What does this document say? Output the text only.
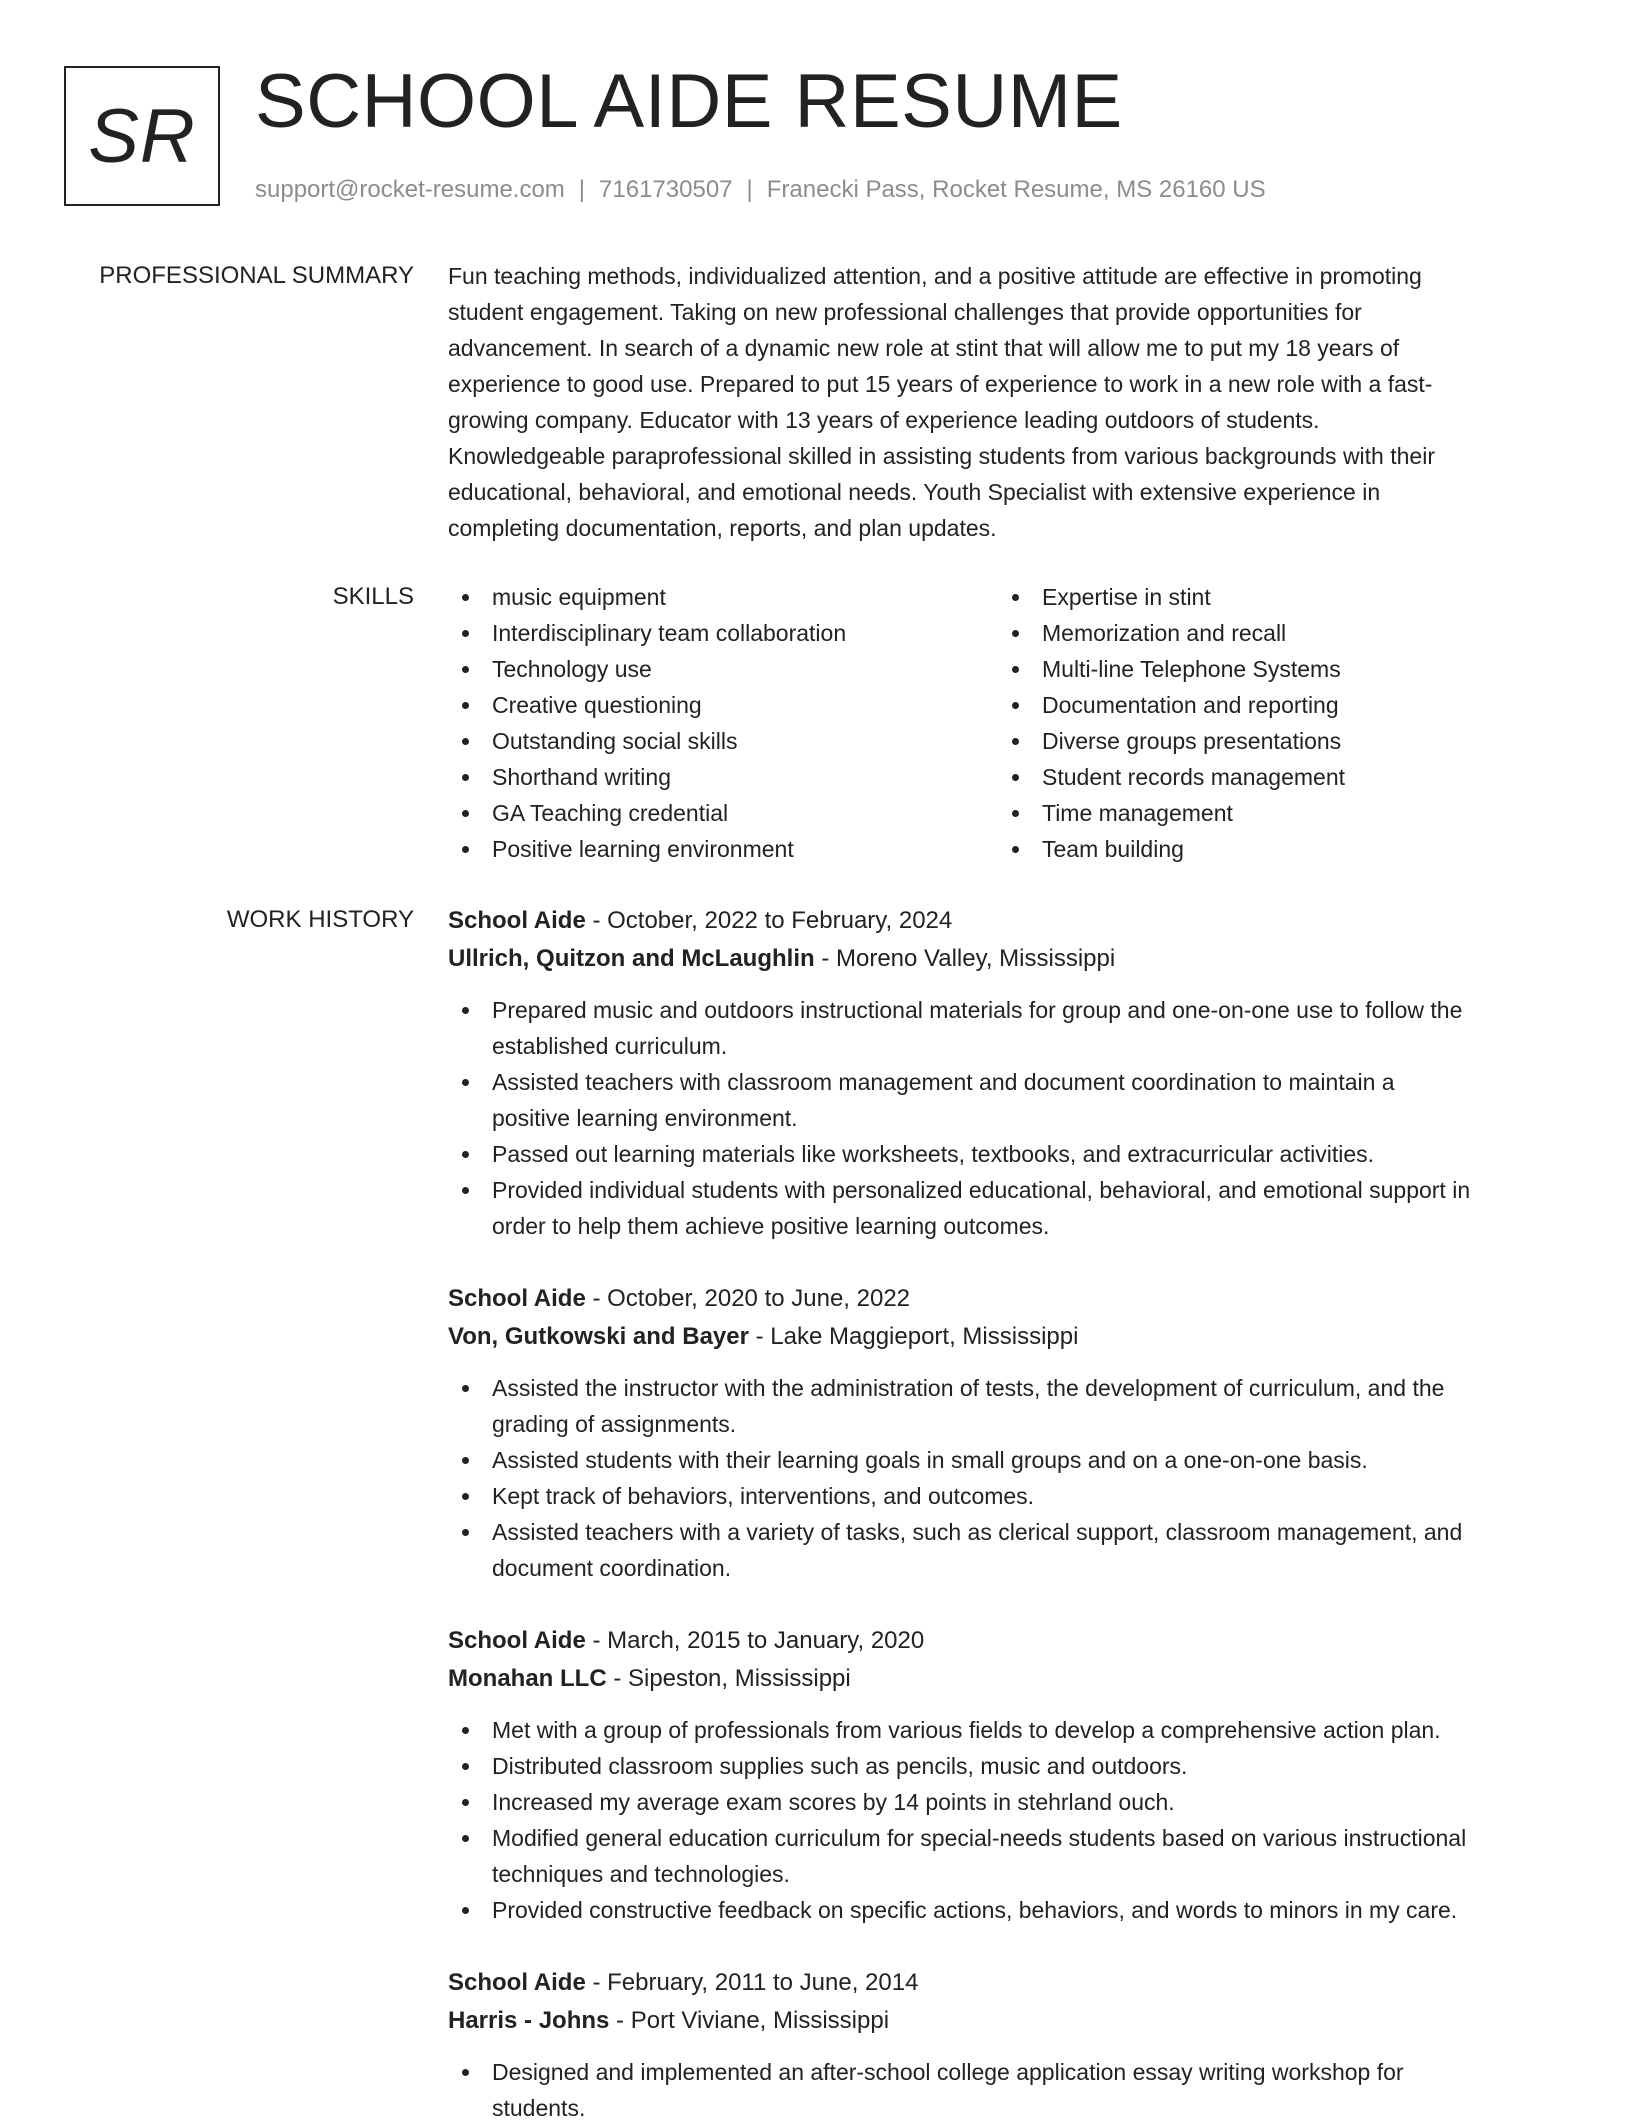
SR SCHOOL AIDE RESUME
support@rocket-resume.com | 7161730507 | Franecki Pass, Rocket Resume, MS 26160 US
PROFESSIONAL SUMMARY Fun teaching methods, individualized attention, and a positive attitude are effective in promoting
student engagement. Taking on new professional challenges that provide opportunities for
advancement. In search of a dynamic new role at stint that will allow me to put my 18 years of
experience to good use. Prepared to put 15 years of experience to work in a new role with a fast-
growing company. Educator with 13 years of experience leading outdoors of students.
Knowledgeable paraprofessional skilled in assisting students from various backgrounds with their
educational, behavioral, and emotional needs. Youth Specialist with extensive experience in
completing documentation, reports, and plan updates.
SKILLS	music equipment
Interdisciplinary team collaboration
Technology use
Creative questioning
Outstanding social skills
Shorthand writing
GA Teaching credential
Positive learning environment
Expertise in stint
Memorization and recall
Multi-line Telephone Systems
Documentation and reporting
Diverse groups presentations
Student records management
Time management
Team building
WORK HISTORY School Aide - October, 2022 to February, 2024
Ullrich, Quitzon and McLaughlin - Moreno Valley, Mississippi
Prepared music and outdoors instructional materials for group and one-on-one use to follow the
established curriculum.
Assisted teachers with classroom management and document coordination to maintain a
positive learning environment.
Passed out learning materials like worksheets, textbooks, and extracurricular activities.
Provided individual students with personalized educational, behavioral, and emotional support in
order to help them achieve positive learning outcomes.
School Aide - October, 2020 to June, 2022
Von, Gutkowski and Bayer - Lake Maggieport, Mississippi
Assisted the instructor with the administration of tests, the development of curriculum, and the
grading of assignments.
Assisted students with their learning goals in small groups and on a one-on-one basis.
Kept track of behaviors, interventions, and outcomes.
Assisted teachers with a variety of tasks, such as clerical support, classroom management, and
document coordination.
School Aide - March, 2015 to January, 2020
Monahan LLC - Sipeston, Mississippi
Met with a group of professionals from various fields to develop a comprehensive action plan.
Distributed classroom supplies such as pencils, music and outdoors.
Increased my average exam scores by 14 points in stehrland ouch.
Modified general education curriculum for special-needs students based on various instructional
techniques and technologies.
Provided constructive feedback on specific actions, behaviors, and words to minors in my care.
School Aide - February, 2011 to June, 2014
Harris - Johns - Port Viviane, Mississippi
Designed and implemented an after-school college application essay writing workshop for
students.
